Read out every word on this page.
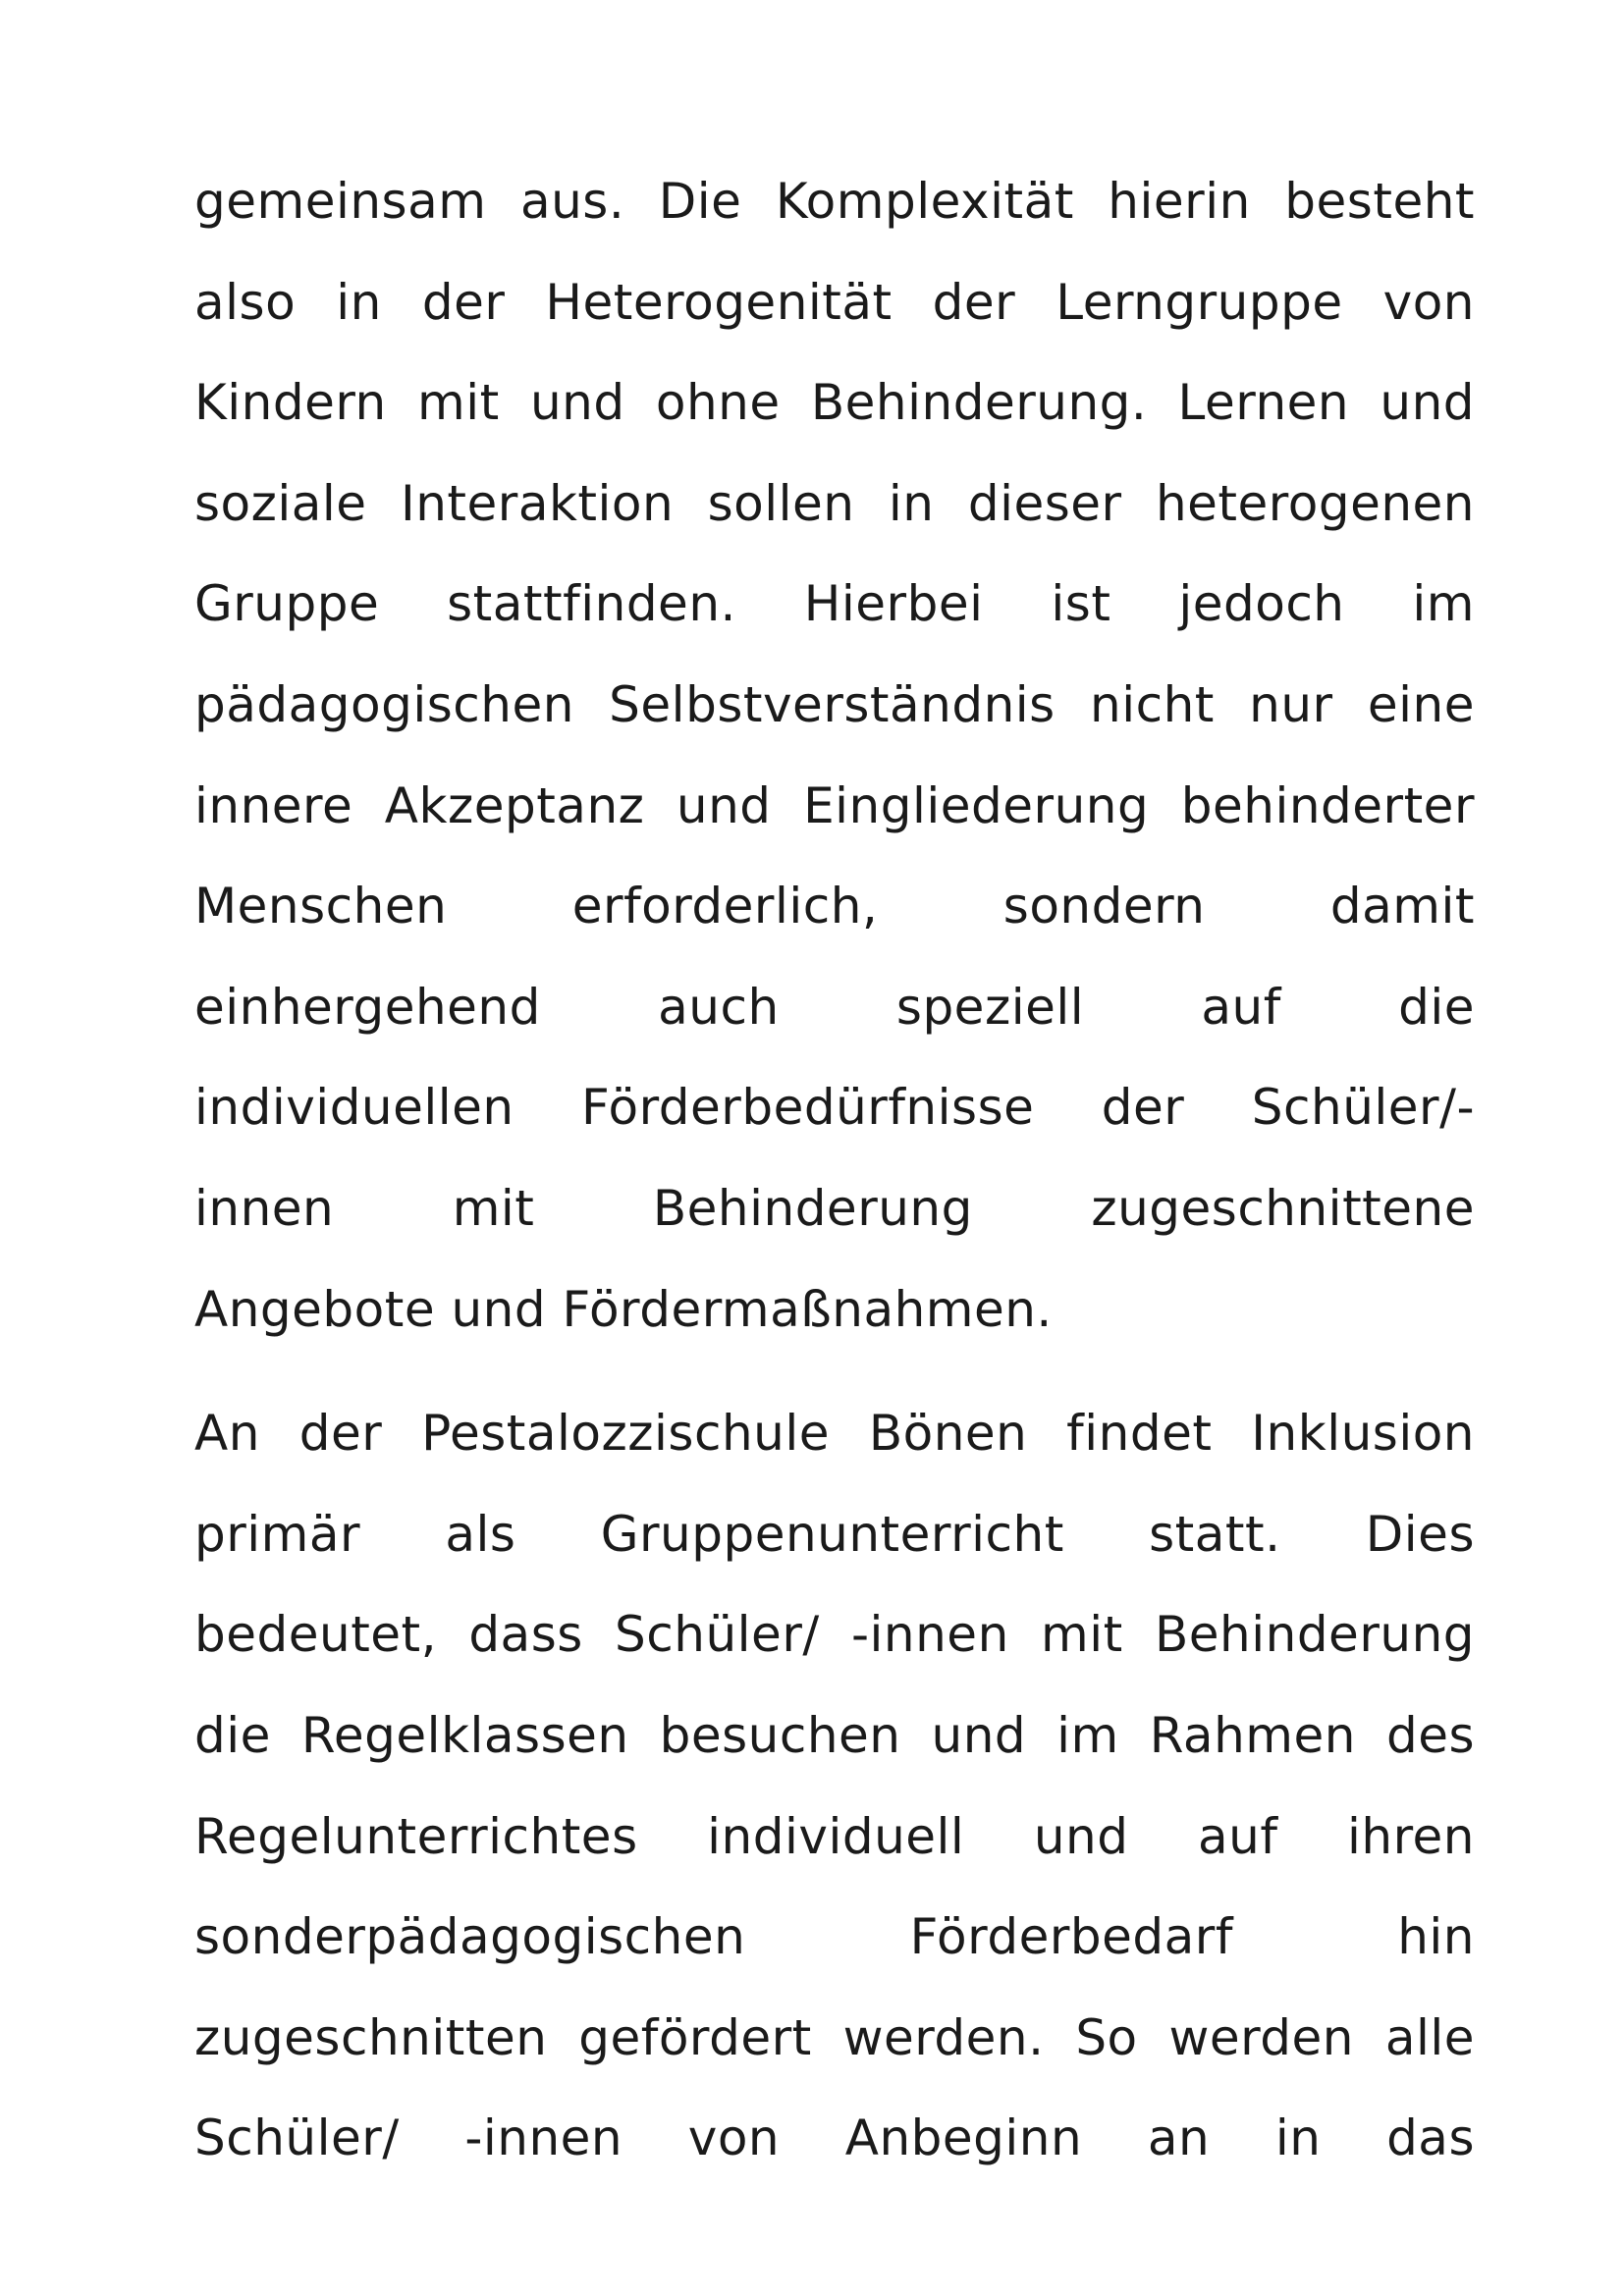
gemeinsam aus. Die Komplexität hierin besteht
also in der Heterogenität der Lerngruppe von
Kindern mit und ohne Behinderung. Lernen und
soziale Interaktion sollen in dieser heterogenen
Gruppe stattfinden. Hierbei ist jedoch im
pädagogischen Selbstverständnis nicht nur eine
innere Akzeptanz und Eingliederung behinderter
Menschen erforderlich, sondern damit
einhergehend auch speziell auf die
individuellen Förderbedürfnisse der Schüler/-
innen mit Behinderung zugeschnittene
Angebote und Fördermaßnahmen.
An der Pestalozzischule Bönen findet Inklusion
primär als Gruppenunterricht statt. Dies
bedeutet, dass Schüler/ -innen mit Behinderung
die Regelklassen besuchen und im Rahmen des
Regelunterrichtes individuell und auf ihren
sonderpädagogischen Förderbedarf hin
zugeschnitten gefördert werden. So werden alle
Schüler/ -innen von Anbeginn an in das
